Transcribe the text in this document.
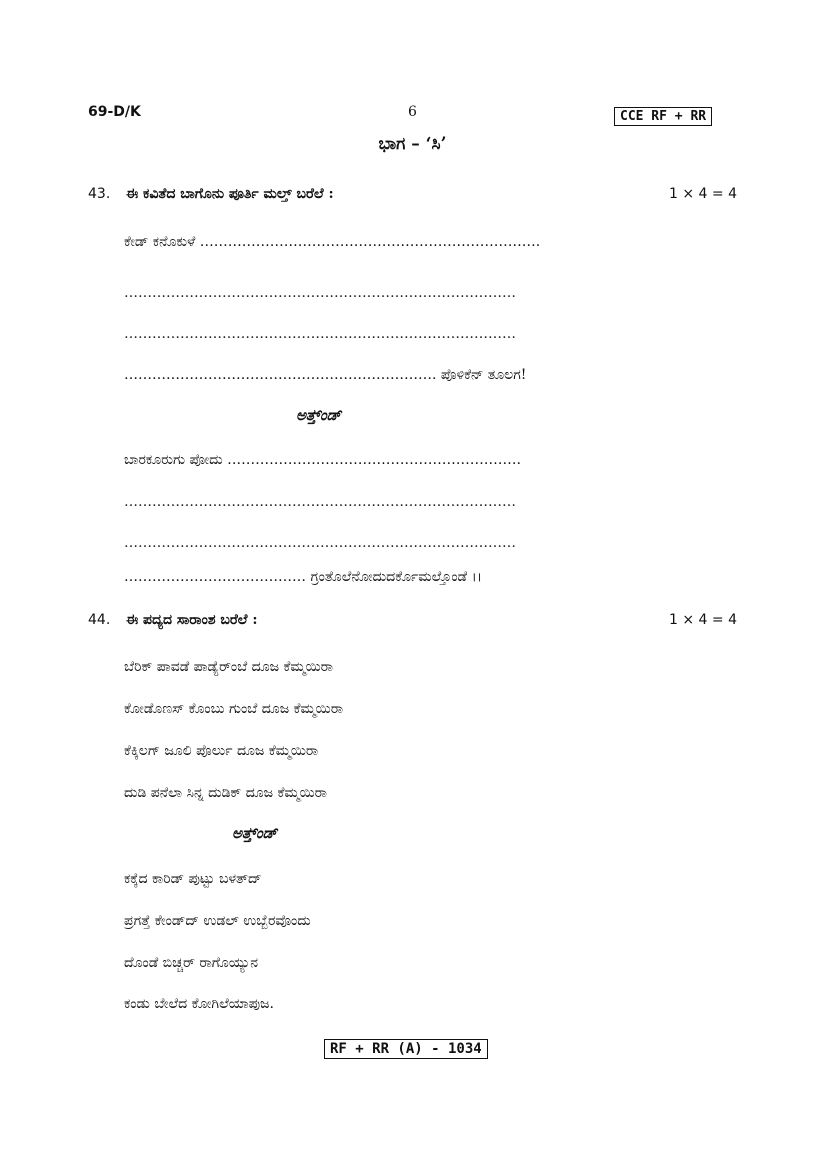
69-D/K	6	CCE RF + RR
ಭಾಗ – ‘ಸಿ’
43. ಈ ಕವಿತೆದ ಬಾಗೊನು ಪೂರ್ತಿ ಮಲ್ತ್ ಬರೆಲೆ :	1 × 4 = 4
ಕೇಡ್ ಕನೊಕುಳೆ ……………………………………………………………….
…………………………………………………………………………
…………………………………………………………………………
…………………………………………………………. ಪೊಳಿಕೆನ್ ತೂಲಗ!
ಅತ್ತ್‌ಂಡ್
ಬಾರಕೂರುಗು ಪೋದು ………………………………………………………
…………………………………………………………………………
…………………………………………………………………………
………………………………… ಗ್ರಂತೊಲೆನೋದುದರ್ಕೊಮಲ್ತೊಂಡೆ ।।
44. ಈ ಪದ್ಯದ ಸಾರಾಂಶ ಬರೆಲೆ :	1 × 4 = 4
ಬೆರಿಕ್ ಪಾವಡೆ ಪಾಡ್ಯೆರ್‌ಂಬೆ ದೂಜ ಕೆಮ್ಮಯಿರಾ
ಕೋಡೊಣಸ್ ಕೊಂಬು ಗುಂಬೆ ದೂಜ ಕೆಮ್ಮಯಿರಾ
ಕೆಕ್ಕಿಲಗ್ ಜೂಲಿ ಪೊರ್ಲು ದೂಜ ಕೆಮ್ಮಯಿರಾ
ದುಡಿ ಪನೆಲಾ ಸಿನ್ನ ದುಡಿಕ್ ದೂಜ ಕೆಮ್ಮಯಿರಾ
ಅತ್ತ್‌ಂಡ್
ಕಕ್ಕೆದ ಕಾರಿಡ್ ಪುಟ್ಟು ಬಳತ್‌ದ್
ಪ್ರಗತ್ತೆ ಕೇಂಡ್‌ದ್ ಉಡಲ್ ಉಬ್ಬೆರವೊಂದು
ದೊಂಡೆ ಬಿಚ್ಚರ್ ರಾಗೊಯ್ಯುನ
ಕಂಡು ಬೇಲೆದ ಕೋಗಿಲೆಯಾಪುಜ.
RF + RR (A) - 1034
